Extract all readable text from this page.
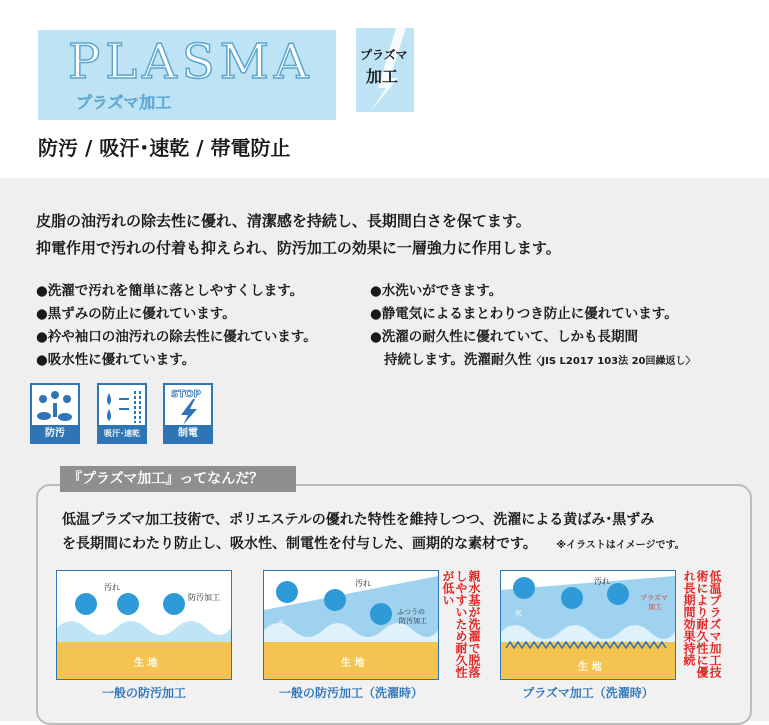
PLASMA
プラズマ加工
プラズマ
加工
防汚 / 吸汗･速乾 / 帯電防止
皮脂の油汚れの除去性に優れ、清潔感を持続し、長期間白さを保てます。
抑電作用で汚れの付着も抑えられ、防汚加工の効果に一層強力に作用します。
●洗濯で汚れを簡単に落としやすくします。
●黒ずみの防止に優れています。
●衿や袖口の油汚れの除去性に優れています。
●吸水性に優れています。
●水洗いができます。
●静電気によるまとわりつき防止に優れています。
●洗濯の耐久性に優れていて、しかも長期間
持続します。洗濯耐久性〈JIS L2017 103法 20回繰返し〉
防汚	吸汗･速乾
STOP
制電
『プラズマ加工』ってなんだ？
低温プラズマ加工技術で、ポリエステルの優れた特性を維持しつつ、洗濯による黄ばみ･黒ずみ
を長期間にわたり防止し、吸水性、制電性を付与した、画期的な素材です。 ※イラストはイメージです。
汚れ
防汚加工
生 地
一般の防汚加工
汚れ
水
ふつうの防汚加工
生 地	親水基が洗濯で脱落しやすいため耐久性が低い
一般の防汚加工（洗濯時）
汚れ
水
プラズマ加工
生 地	低温プラズマ加工技術により耐久性に優れ長期間効果持続
プラズマ加工（洗濯時）
